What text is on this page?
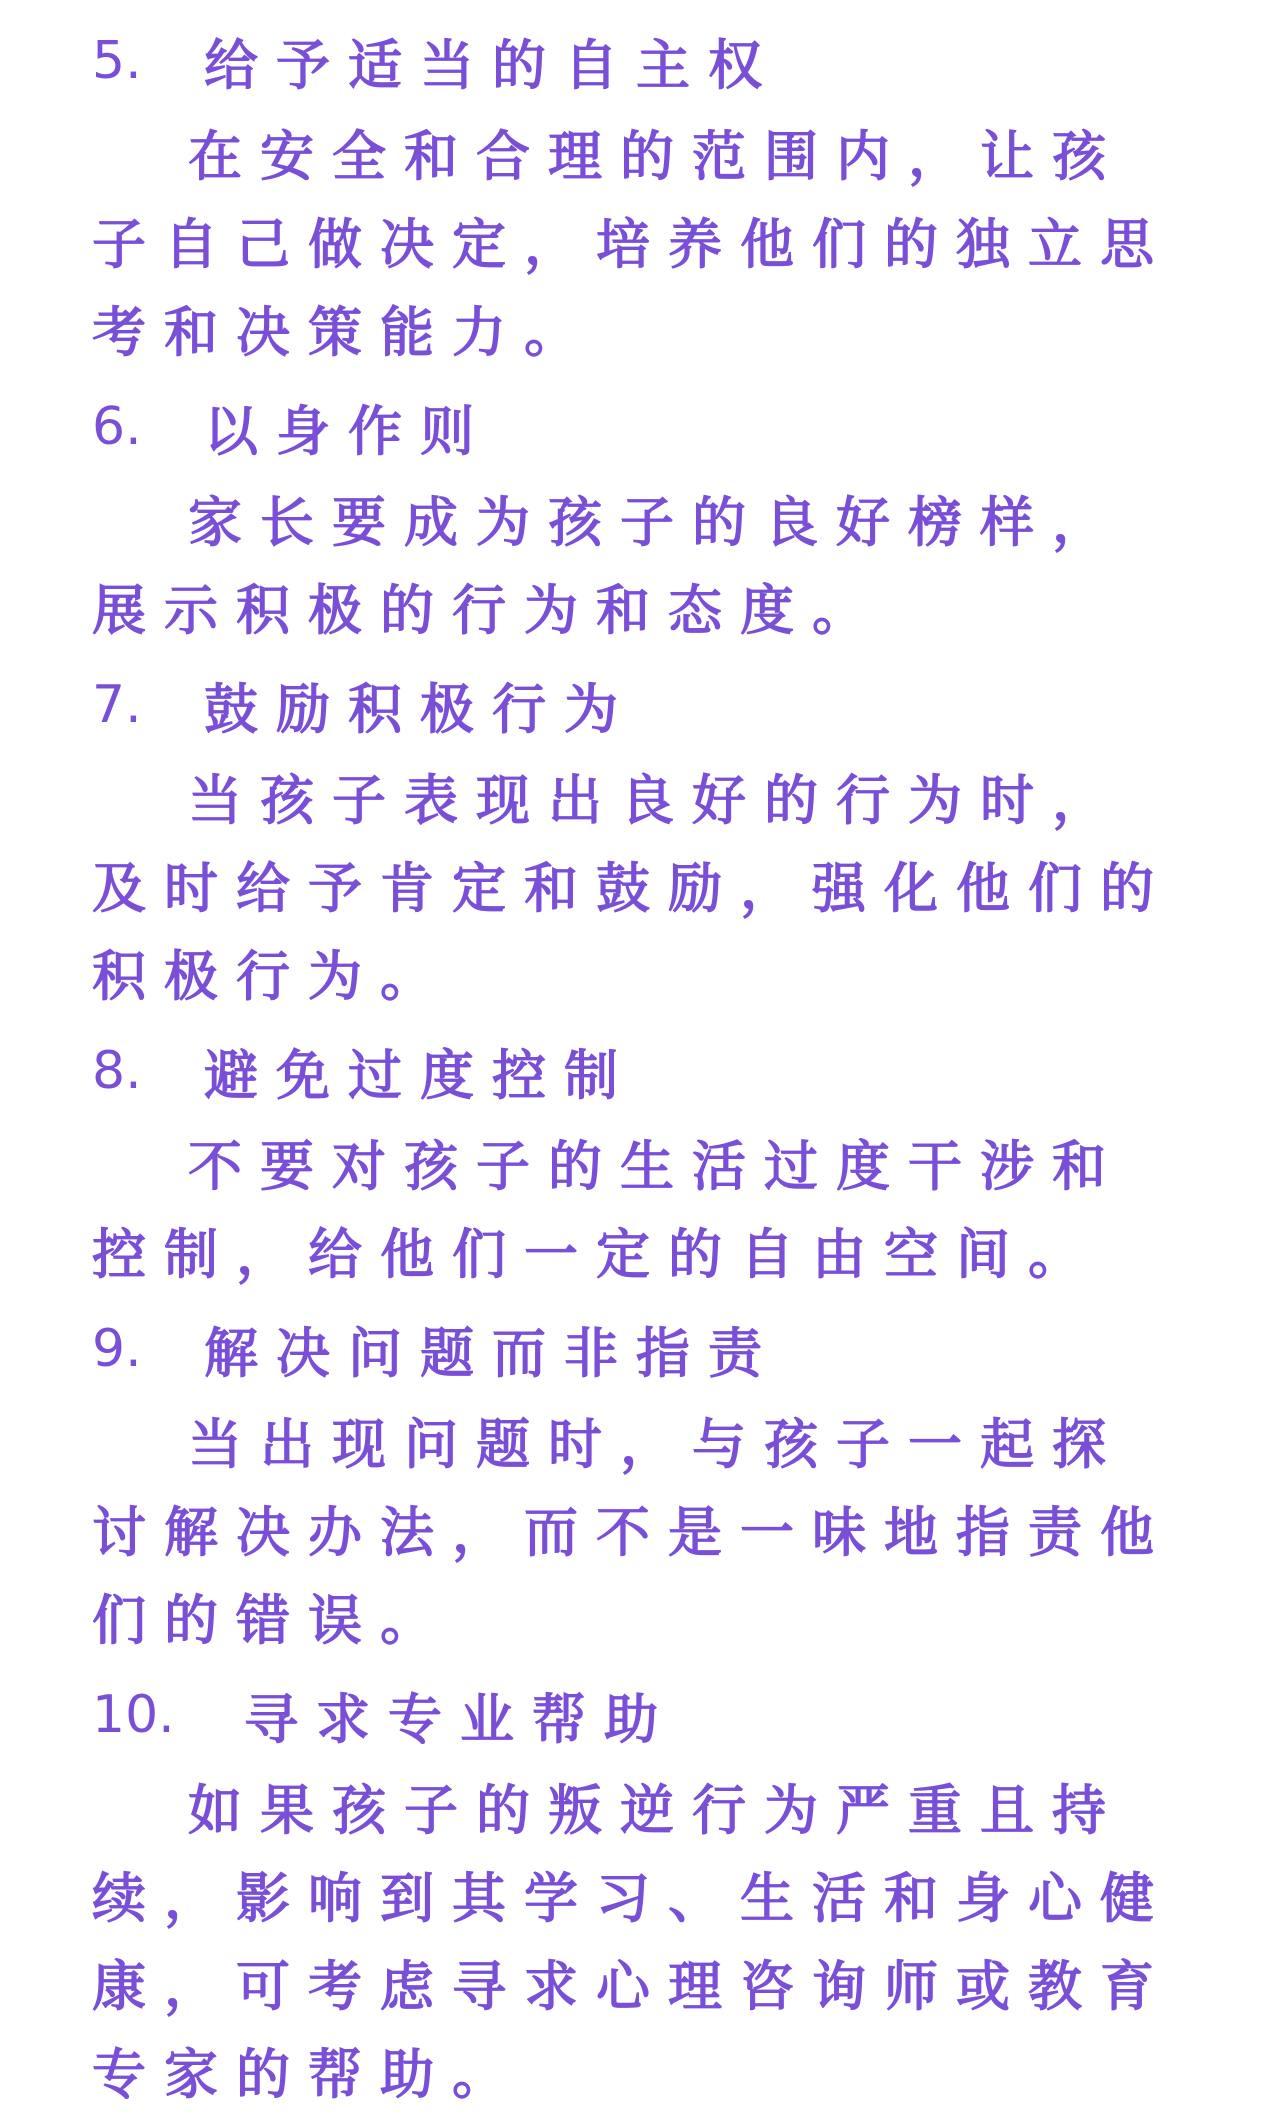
5.	给予适当的自主权

在安全和合理的范围内，让孩子自己做决定，培养他们的独立思考和决策能力。

6.	以身作则

家长要成为孩子的良好榜样，展示积极的行为和态度。

7.	鼓励积极行为

当孩子表现出良好的行为时，及时给予肯定和鼓励，强化他们的积极行为。

8.	避免过度控制

不要对孩子的生活过度干涉和控制，给他们一定的自由空间。

9.	解决问题而非指责

当出现问题时，与孩子一起探讨解决办法，而不是一味地指责他们的错误。

10.	寻求专业帮助

如果孩子的叛逆行为严重且持续，影响到其学习、生活和身心健康，可考虑寻求心理咨询师或教育专家的帮助。
